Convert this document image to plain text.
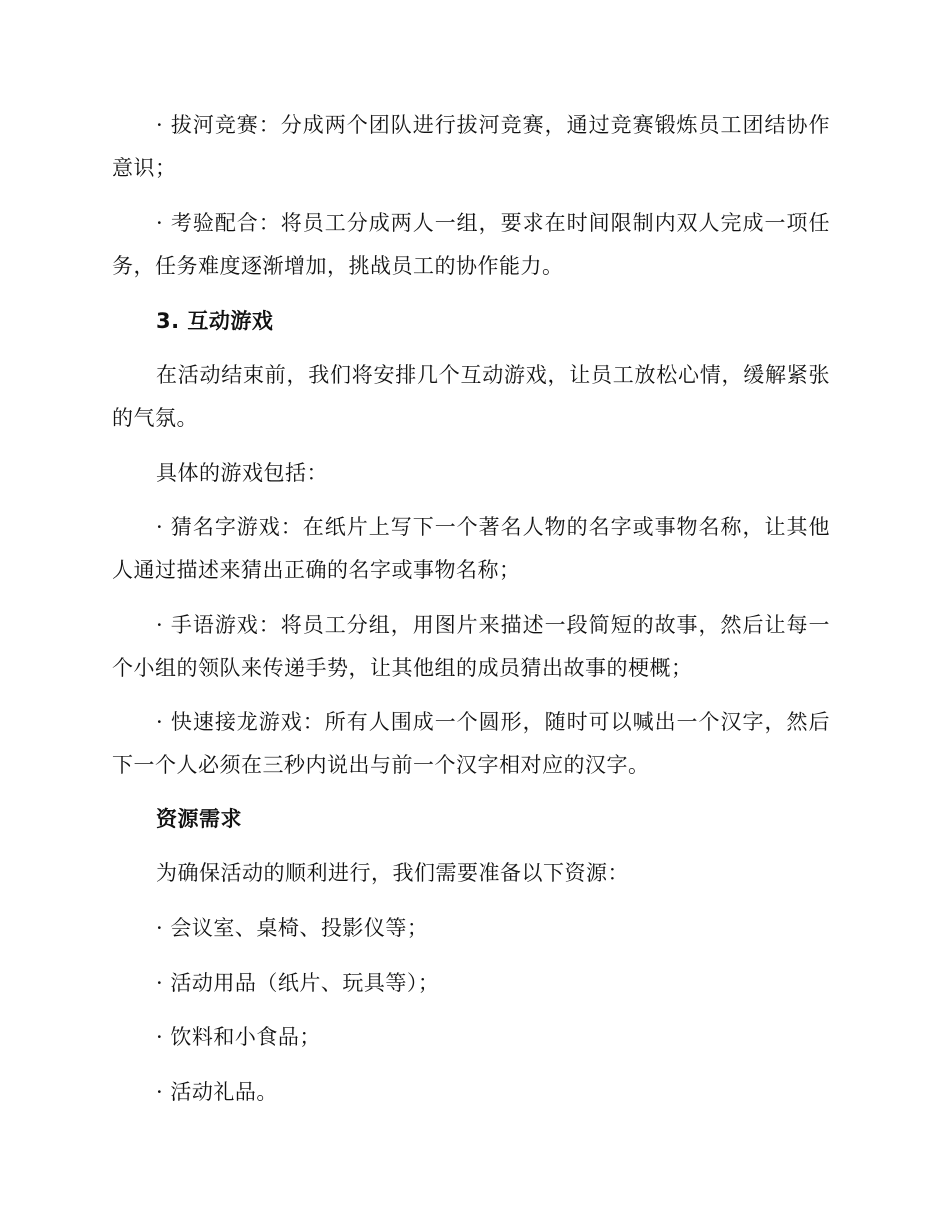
· 拔河竞赛：分成两个团队进行拔河竞赛，通过竞赛锻炼员工团结协作意识；

· 考验配合：将员工分成两人一组，要求在时间限制内双人完成一项任务，任务难度逐渐增加，挑战员工的协作能力。

3. 互动游戏

在活动结束前，我们将安排几个互动游戏，让员工放松心情，缓解紧张的气氛。

具体的游戏包括：

· 猜名字游戏：在纸片上写下一个著名人物的名字或事物名称，让其他人通过描述来猜出正确的名字或事物名称；

· 手语游戏：将员工分组，用图片来描述一段简短的故事，然后让每一个小组的领队来传递手势，让其他组的成员猜出故事的梗概；

· 快速接龙游戏：所有人围成一个圆形，随时可以喊出一个汉字，然后下一个人必须在三秒内说出与前一个汉字相对应的汉字。

资源需求

为确保活动的顺利进行，我们需要准备以下资源：

· 会议室、桌椅、投影仪等；

· 活动用品（纸片、玩具等）；

· 饮料和小食品；

· 活动礼品。
